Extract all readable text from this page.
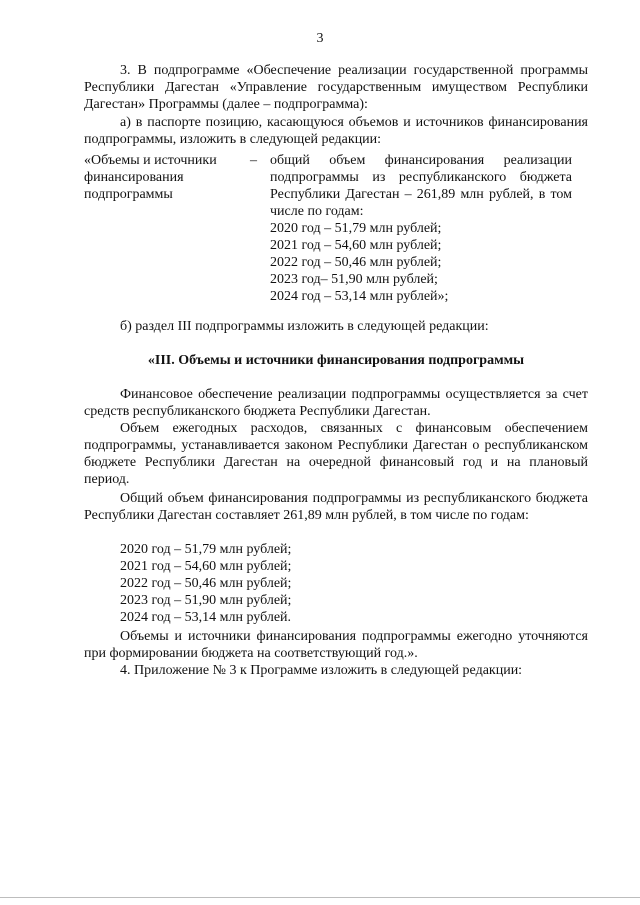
3

3. В подпрограмме «Обеспечение реализации государственной программы Республики Дагестан «Управление государственным имуществом Республики Дагестан» Программы (далее – подпрограмма):

а) в паспорте позицию, касающуюся объемов и источников финансирования подпрограммы, изложить в следующей редакции:

«Объемы и источники
финансирования
подпрограммы
– общий объем финансирования реализации подпрограммы из республиканского бюджета Республики Дагестан – 261,89 млн рублей, в том числе по годам:

2020 год – 51,79 млн рублей;
2021 год – 54,60 млн рублей;
2022 год – 50,46 млн рублей;
2023 год– 51,90 млн рублей;
2024 год – 53,14 млн рублей»;

б) раздел III подпрограммы изложить в следующей редакции:

«III. Объемы и источники финансирования подпрограммы

Финансовое обеспечение реализации подпрограммы осуществляется за счет средств республиканского бюджета Республики Дагестан.

Объем ежегодных расходов, связанных с финансовым обеспечением подпрограммы, устанавливается законом Республики Дагестан о республиканском бюджете Республики Дагестан на очередной финансовый год и на плановый период.

Общий объем финансирования подпрограммы из республиканского бюджета Республики Дагестан составляет 261,89 млн рублей, в том числе по годам:

2020 год – 51,79 млн рублей;
2021 год – 54,60 млн рублей;
2022 год – 50,46 млн рублей;
2023 год – 51,90 млн рублей;
2024 год – 53,14 млн рублей.

Объемы и источники финансирования подпрограммы ежегодно уточняются при формировании бюджета на соответствующий год.».

4. Приложение № 3 к Программе изложить в следующей редакции:
